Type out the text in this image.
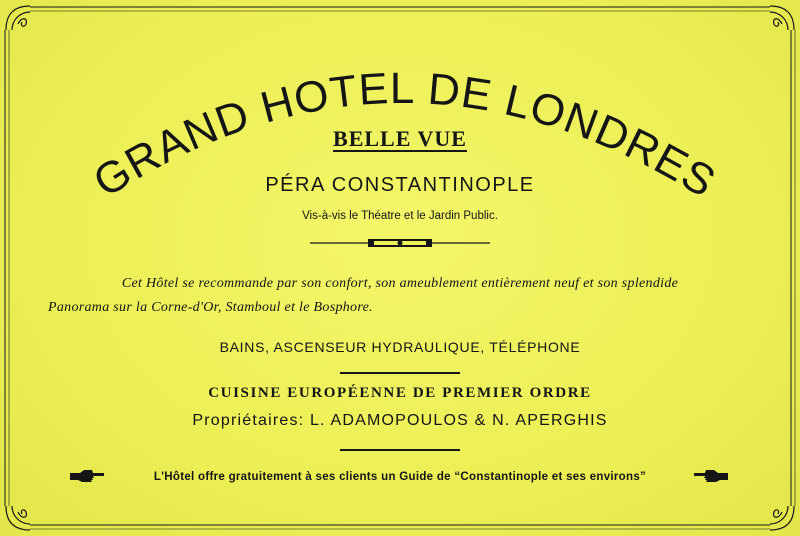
GRAND HOTEL DE LONDRES
BELLE VUE
PÉRA CONSTANTINOPLE
Vis-à-vis le Théatre et le Jardin Public.
Cet Hôtel se recommande par son confort, son ameublement entièrement neuf et son splendide
Panorama sur la Corne-d'Or, Stamboul et le Bosphore.
BAINS, ASCENSEUR HYDRAULIQUE, TÉLÉPHONE
CUISINE EUROPÉENNE DE PREMIER ORDRE
Propriétaires: L. ADAMOPOULOS & N. APERGHIS
L'Hôtel offre gratuitement à ses clients un Guide de “Constantinople et ses environs”
